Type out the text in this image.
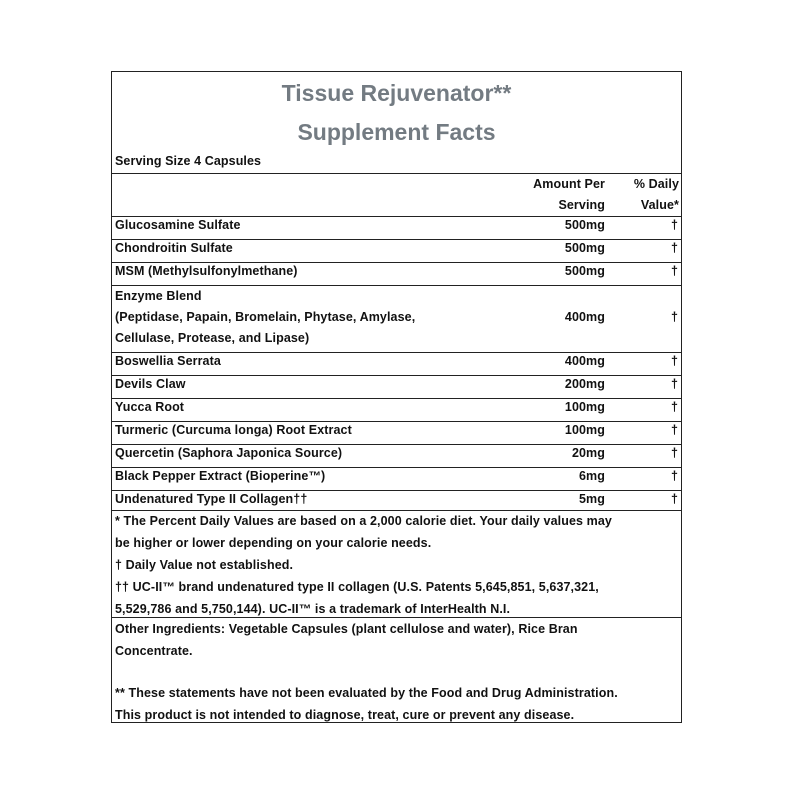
Tissue Rejuvenator**
Supplement Facts
Serving Size 4 Capsules
Amount Per
Serving
% Daily
Value*
Glucosamine Sulfate	500mg	†
Chondroitin Sulfate	500mg	†
MSM (Methylsulfonylmethane)	500mg	†
Enzyme Blend
(Peptidase, Papain, Bromelain, Phytase, Amylase,
Cellulase, Protease, and Lipase)
400mg	†
Boswellia Serrata	400mg	†
Devils Claw	200mg	†
Yucca Root	100mg	†
Turmeric (Curcuma longa) Root Extract	100mg	†
Quercetin (Saphora Japonica Source)	20mg	†
Black Pepper Extract (Bioperine™)	6mg	†
Undenatured Type II Collagen††	5mg	†
* The Percent Daily Values are based on a 2,000 calorie diet. Your daily values may
be higher or lower depending on your calorie needs.
† Daily Value not established.
†† UC-II™ brand undenatured type II collagen (U.S. Patents 5,645,851, 5,637,321,
5,529,786 and 5,750,144). UC-II™ is a trademark of InterHealth N.I.
Other Ingredients: Vegetable Capsules (plant cellulose and water), Rice Bran
Concentrate.
** These statements have not been evaluated by the Food and Drug Administration.
This product is not intended to diagnose, treat, cure or prevent any disease.
